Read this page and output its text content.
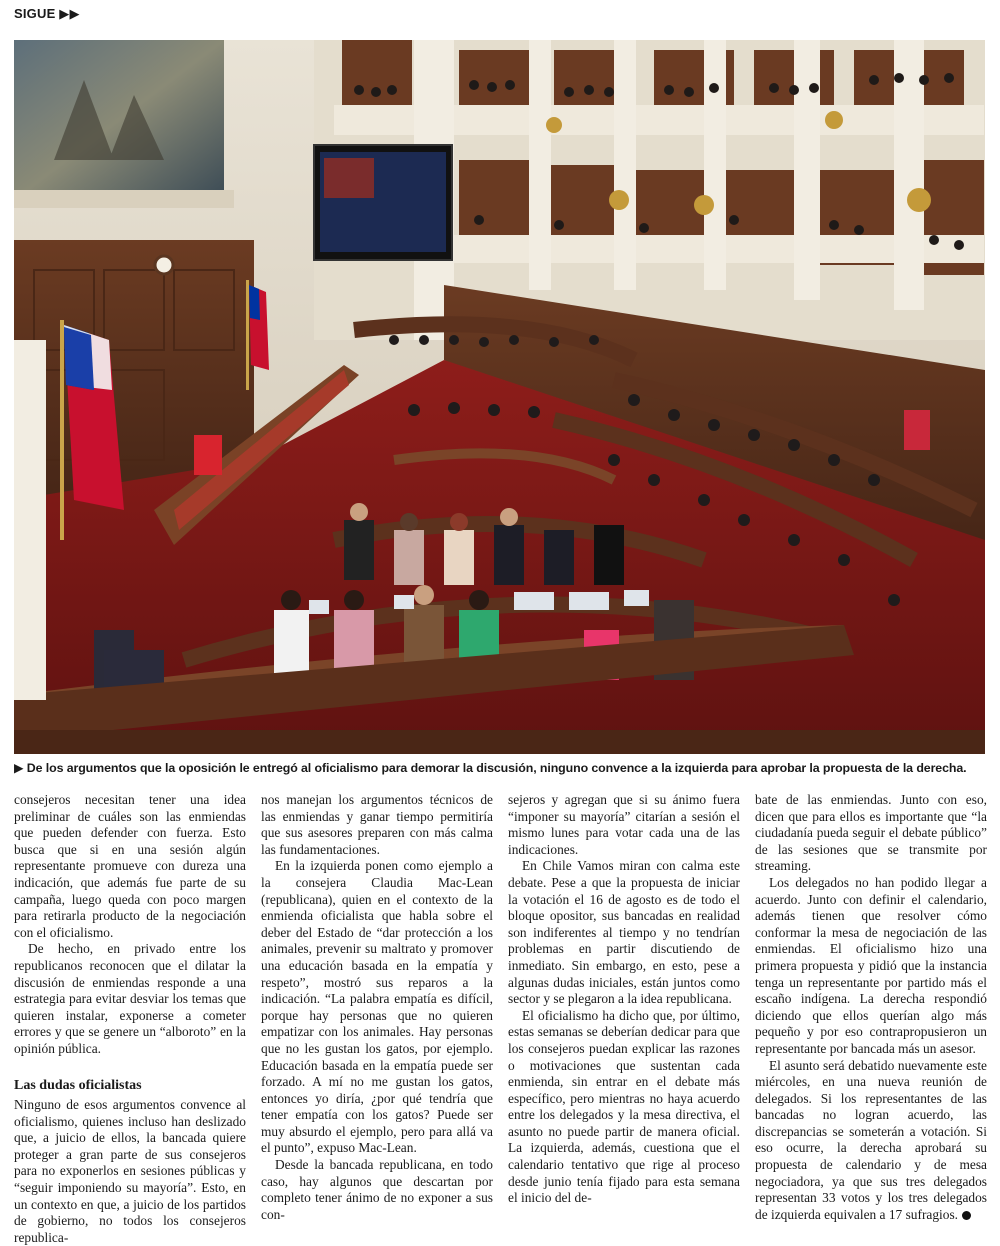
SIGUE ▶▶
▶ De los argumentos que la oposición le entregó al oficialismo para demorar la discusión, ninguno convence a la izquierda para aprobar la propuesta de la derecha.

consejeros necesitan tener una idea preliminar de cuáles son las enmiendas que pueden defender con fuerza. Esto busca que si en una sesión algún representante promueve con dureza una indicación, que además fue parte de su campaña, luego queda con poco margen para retirarla producto de la negociación con el oficialismo.

De hecho, en privado entre los republicanos reconocen que el dilatar la discusión de enmiendas responde a una estrategia para evitar desviar los temas que quieren instalar, exponerse a cometer errores y que se genere un “alboroto” en la opinión pública.

Las dudas oficialistas

Ninguno de esos argumentos convence al oficialismo, quienes incluso han deslizado que, a juicio de ellos, la bancada quiere proteger a gran parte de sus consejeros para no exponerlos en sesiones públicas y “seguir imponiendo su mayoría”. Esto, en un contexto en que, a juicio de los partidos de gobierno, no todos los consejeros republica-

nos manejan los argumentos técnicos de las enmiendas y ganar tiempo permitiría que sus asesores preparen con más calma las fundamentaciones.

En la izquierda ponen como ejemplo a la consejera Claudia Mac-Lean (republicana), quien en el contexto de la enmienda oficialista que habla sobre el deber del Estado de “dar protección a los animales, prevenir su maltrato y promover una educación basada en la empatía y respeto”, mostró sus reparos a la indicación. “La palabra empatía es difícil, porque hay personas que no quieren empatizar con los animales. Hay personas que no les gustan los gatos, por ejemplo. Educación basada en la empatía puede ser forzado. A mí no me gustan los gatos, entonces yo diría, ¿por qué tendría que tener empatía con los gatos? Puede ser muy absurdo el ejemplo, pero para allá va el punto”, expuso Mac-Lean.

Desde la bancada republicana, en todo caso, hay algunos que descartan por completo tener ánimo de no exponer a sus con-

sejeros y agregan que si su ánimo fuera “imponer su mayoría” citarían a sesión el mismo lunes para votar cada una de las indicaciones.

En Chile Vamos miran con calma este debate. Pese a que la propuesta de iniciar la votación el 16 de agosto es de todo el bloque opositor, sus bancadas en realidad son indiferentes al tiempo y no tendrían problemas en partir discutiendo de inmediato. Sin embargo, en esto, pese a algunas dudas iniciales, están juntos como sector y se plegaron a la idea republicana.

El oficialismo ha dicho que, por último, estas semanas se deberían dedicar para que los consejeros puedan explicar las razones o motivaciones que sustentan cada enmienda, sin entrar en el debate más específico, pero mientras no haya acuerdo entre los delegados y la mesa directiva, el asunto no puede partir de manera oficial. La izquierda, además, cuestiona que el calendario tentativo que rige al proceso desde junio tenía fijado para esta semana el inicio del de-

bate de las enmiendas. Junto con eso, dicen que para ellos es importante que “la ciudadanía pueda seguir el debate público” de las sesiones que se transmite por streaming.

Los delegados no han podido llegar a acuerdo. Junto con definir el calendario, además tienen que resolver cómo conformar la mesa de negociación de las enmiendas. El oficialismo hizo una primera propuesta y pidió que la instancia tenga un representante por partido más el escaño indígena. La derecha respondió diciendo que ellos querían algo más pequeño y por eso contrapropusieron un representante por bancada más un asesor.

El asunto será debatido nuevamente este miércoles, en una nueva reunión de delegados. Si los representantes de las bancadas no logran acuerdo, las discrepancias se someterán a votación. Si eso ocurre, la derecha aprobará su propuesta de calendario y de mesa negociadora, ya que sus tres delegados representan 33 votos y los tres delegados de izquierda equivalen a 17 sufragios.
